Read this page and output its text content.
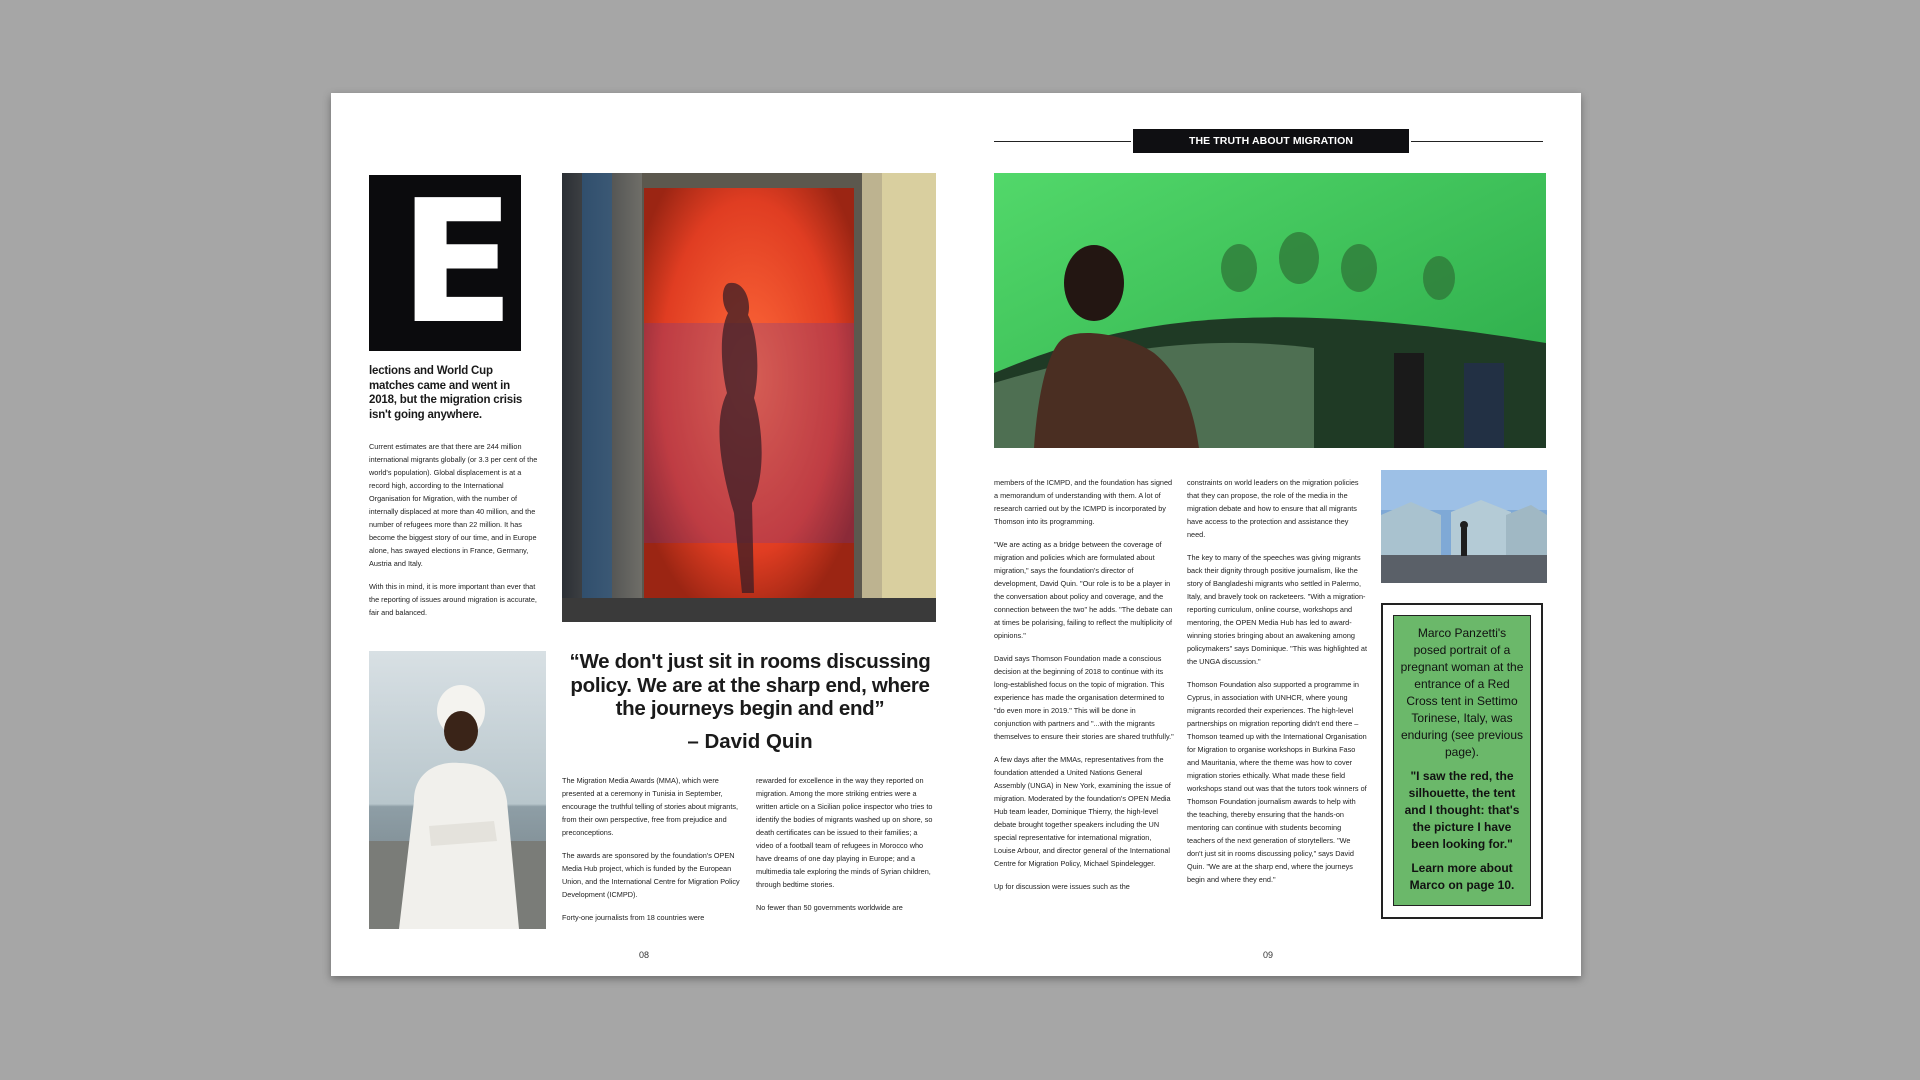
E
lections and World Cup matches came and went in 2018, but the migration crisis isn't going anywhere.

Current estimates are that there are 244 million international migrants globally (or 3.3 per cent of the world's population). Global displacement is at a record high, according to the International Organisation for Migration, with the number of internally displaced at more than 40 million, and the number of refugees more than 22 million. It has become the biggest story of our time, and in Europe alone, has swayed elections in France, Germany, Austria and Italy.

With this in mind, it is more important than ever that the reporting of issues around migration is accurate, fair and balanced.

“We don't just sit in rooms discussing policy. We are at the sharp end, where the journeys begin and end”
– David Quin

The Migration Media Awards (MMA), which were presented at a ceremony in Tunisia in September, encourage the truthful telling of stories about migrants, from their own perspective, free from prejudice and preconceptions.

The awards are sponsored by the foundation's OPEN Media Hub project, which is funded by the European Union, and the International Centre for Migration Policy Development (ICMPD).

Forty-one journalists from 18 countries were

rewarded for excellence in the way they reported on migration. Among the more striking entries were a written article on a Sicilian police inspector who tries to identify the bodies of migrants washed up on shore, so death certificates can be issued to their families; a video of a football team of refugees in Morocco who have dreams of one day playing in Europe; and a multimedia tale exploring the minds of Syrian children, through bedtime stories.

No fewer than 50 governments worldwide are

08
THE TRUTH ABOUT MIGRATION

members of the ICMPD, and the foundation has signed a memorandum of understanding with them. A lot of research carried out by the ICMPD is incorporated by Thomson into its programming.

"We are acting as a bridge between the coverage of migration and policies which are formulated about migration," says the foundation's director of development, David Quin. "Our role is to be a player in the conversation about policy and coverage, and the connection between the two" he adds. "The debate can at times be polarising, failing to reflect the multiplicity of opinions."

David says Thomson Foundation made a conscious decision at the beginning of 2018 to continue with its long-established focus on the topic of migration. This experience has made the organisation determined to "do even more in 2019." This will be done in conjunction with partners and "...with the migrants themselves to ensure their stories are shared truthfully."

A few days after the MMAs, representatives from the foundation attended a United Nations General Assembly (UNGA) in New York, examining the issue of migration. Moderated by the foundation's OPEN Media Hub team leader, Dominique Thierry, the high-level debate brought together speakers including the UN special representative for international migration, Louise Arbour, and director general of the International Centre for Migration Policy, Michael Spindelegger.

Up for discussion were issues such as the

constraints on world leaders on the migration policies that they can propose, the role of the media in the migration debate and how to ensure that all migrants have access to the protection and assistance they need.

The key to many of the speeches was giving migrants back their dignity through positive journalism, like the story of Bangladeshi migrants who settled in Palermo, Italy, and bravely took on racketeers. "With a migration-reporting curriculum, online course, workshops and mentoring, the OPEN Media Hub has led to award-winning stories bringing about an awakening among policymakers" says Dominique. "This was highlighted at the UNGA discussion."

Thomson Foundation also supported a programme in Cyprus, in association with UNHCR, where young migrants recorded their experiences. The high-level partnerships on migration reporting didn't end there – Thomson teamed up with the International Organisation for Migration to organise workshops in Burkina Faso and Mauritania, where the theme was how to cover migration stories ethically. What made these field workshops stand out was that the tutors took winners of Thomson Foundation journalism awards to help with the teaching, thereby ensuring that the hands-on mentoring can continue with students becoming teachers of the next generation of storytellers. "We don't just sit in rooms discussing policy," says David Quin. "We are at the sharp end, where the journeys begin and where they end."

Marco Panzetti's posed portrait of a pregnant woman at the entrance of a Red Cross tent in Settimo Torinese, Italy, was enduring (see previous page).

"I saw the red, the silhouette, the tent and I thought: that's the picture I have been looking for."

Learn more about Marco on page 10.

09
